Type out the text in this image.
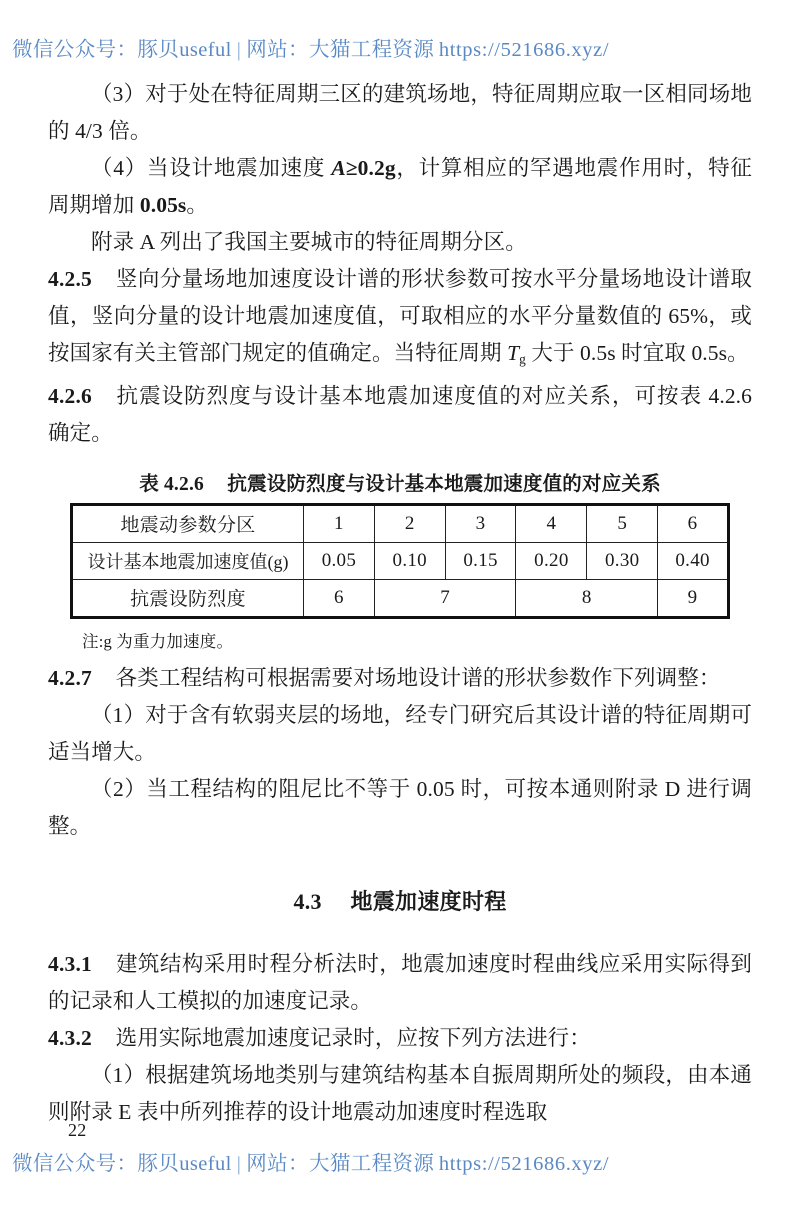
微信公众号：豚贝useful | 网站：大猫工程资源 https://521686.xyz/

（3）对于处在特征周期三区的建筑场地，特征周期应取一区相同场地的 4/3 倍。

（4）当设计地震加速度 A≥0.2g，计算相应的罕遇地震作用时，特征周期增加 0.05s。

附录 A 列出了我国主要城市的特征周期分区。

4.2.5 竖向分量场地加速度设计谱的形状参数可按水平分量场地设计谱取值，竖向分量的设计地震加速度值，可取相应的水平分量数值的 65%，或按国家有关主管部门规定的值确定。当特征周期 $T_g$ 大于 0.5s 时宜取 0.5s。

4.2.6 抗震设防烈度与设计基本地震加速度值的对应关系，可按表 4.2.6 确定。

表 4.2.6 抗震设防烈度与设计基本地震加速度值的对应关系
地震动参数分区	1	2	3	4	5	6
设计基本地震加速度值(g)	0.05	0.10	0.15	0.20	0.30	0.40
抗震设防烈度	6	7		8		9

注:g 为重力加速度。

4.2.7 各类工程结构可根据需要对场地设计谱的形状参数作下列调整：

（1）对于含有软弱夹层的场地，经专门研究后其设计谱的特征周期可适当增大。

（2）当工程结构的阻尼比不等于 0.05 时，可按本通则附录 D 进行调整。

4.3 地震加速度时程

4.3.1 建筑结构采用时程分析法时，地震加速度时程曲线应采用实际得到的记录和人工模拟的加速度记录。

4.3.2 选用实际地震加速度记录时，应按下列方法进行：

（1）根据建筑场地类别与建筑结构基本自振周期所处的频段，由本通则附录 E 表中所列推荐的设计地震动加速度时程选取

22
微信公众号：豚贝useful | 网站：大猫工程资源 https://521686.xyz/
